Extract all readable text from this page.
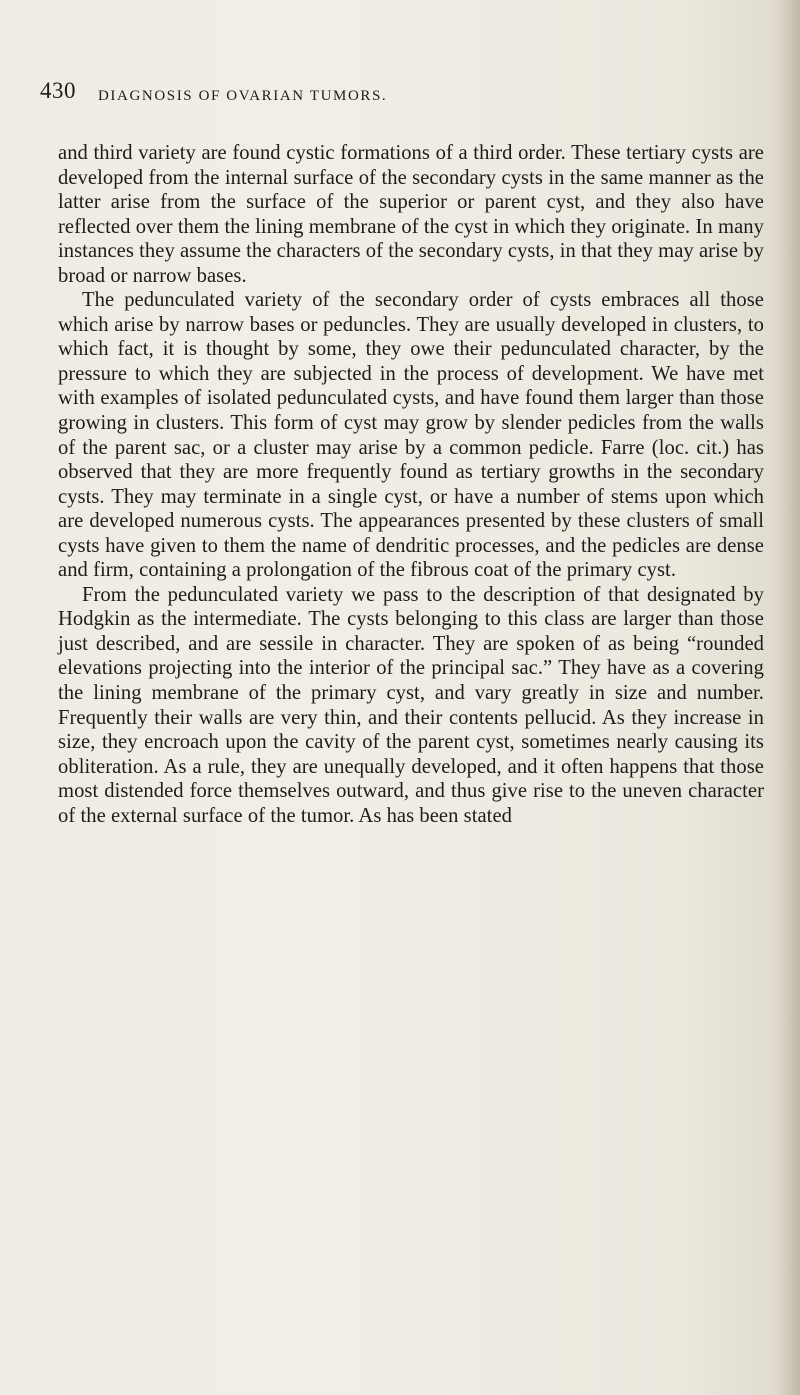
430 DIAGNOSIS OF OVARIAN TUMORS.

and third variety are found cystic formations of a third order. These tertiary cysts are developed from the internal surface of the secondary cysts in the same manner as the latter arise from the surface of the superior or parent cyst, and they also have reflected over them the lining membrane of the cyst in which they originate. In many instances they assume the characters of the secondary cysts, in that they may arise by broad or narrow bases.

The pedunculated variety of the secondary order of cysts embraces all those which arise by narrow bases or peduncles. They are usually developed in clusters, to which fact, it is thought by some, they owe their pedunculated character, by the pressure to which they are subjected in the process of development. We have met with examples of isolated pedunculated cysts, and have found them larger than those growing in clusters. This form of cyst may grow by slender pedicles from the walls of the parent sac, or a cluster may arise by a common pedicle. Farre (loc. cit.) has observed that they are more frequently found as tertiary growths in the secondary cysts. They may terminate in a single cyst, or have a number of stems upon which are developed numerous cysts. The appearances presented by these clusters of small cysts have given to them the name of dendritic processes, and the pedicles are dense and firm, containing a prolongation of the fibrous coat of the primary cyst.

From the pedunculated variety we pass to the description of that designated by Hodgkin as the intermediate. The cysts belonging to this class are larger than those just described, and are sessile in character. They are spoken of as being “rounded elevations projecting into the interior of the principal sac.” They have as a covering the lining membrane of the primary cyst, and vary greatly in size and number. Frequently their walls are very thin, and their contents pellucid. As they increase in size, they encroach upon the cavity of the parent cyst, sometimes nearly causing its obliteration. As a rule, they are unequally developed, and it often happens that those most distended force themselves outward, and thus give rise to the uneven character of the external surface of the tumor. As has been stated
